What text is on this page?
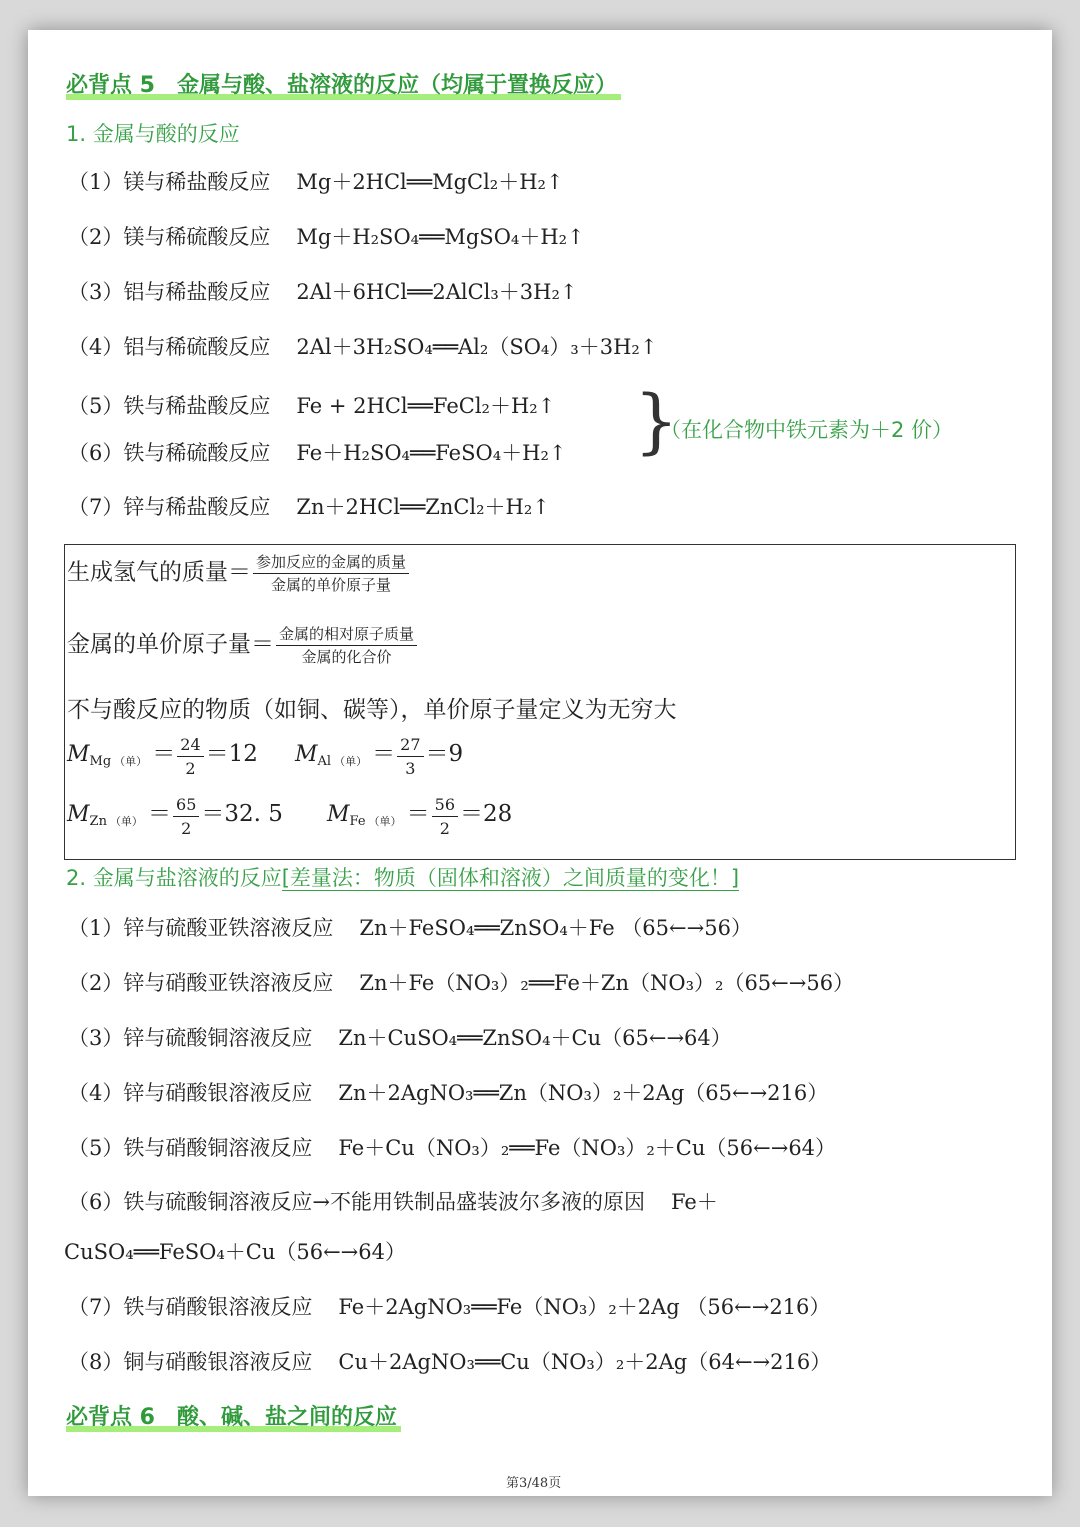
必背点 5　金属与酸、盐溶液的反应（均属于置换反应）
1. 金属与酸的反应
（1）镁与稀盐酸反应 Mg＋2HCl══MgCl₂＋H₂↑
（2）镁与稀硫酸反应 Mg＋H₂SO₄══MgSO₄＋H₂↑
（3）铝与稀盐酸反应 2Al＋6HCl══2AlCl₃＋3H₂↑
（4）铝与稀硫酸反应 2Al＋3H₂SO₄══Al₂（SO₄）₃＋3H₂↑
（5）铁与稀盐酸反应 Fe + 2HCl══FeCl₂＋H₂↑
（6）铁与稀硫酸反应 Fe＋H₂SO₄══FeSO₄＋H₂↑ }
（在化合物中铁元素为＋2 价）
（7）锌与稀盐酸反应 Zn＋2HCl══ZnCl₂＋H₂↑
生成氢气的质量＝ $\frac{\text{参加反应的金属的质量}}{\text{金属的单价原子量}}$
金属的单价原子量＝ $\frac{\text{金属的相对原子质量}}{\text{金属的化合价}}$
不与酸反应的物质（如铜、碳等），单价原子量定义为无穷大
$M_{Mg}$ $_{(单)} = \frac{24}{2} =12$ $M_{Al}$ $_{(单)} = \frac{27}{3} =9$
$M_{Zn}$ $_{(单)} = \frac{65}{2} =32$. 5 $M_{Fe}$ $_{(单)} = \frac{56}{2} =28$
2. 金属与盐溶液的反应[差量法：物质（固体和溶液）之间质量的变化！]
（1）锌与硫酸亚铁溶液反应 Zn＋FeSO₄══ZnSO₄＋Fe （65←→56）
（2）锌与硝酸亚铁溶液反应 Zn＋Fe（NO₃）₂══Fe＋Zn（NO₃）₂（65←→56）
（3）锌与硫酸铜溶液反应 Zn＋CuSO₄══ZnSO₄＋Cu（65←→64）
（4）锌与硝酸银溶液反应 Zn＋2AgNO₃══Zn（NO₃）₂＋2Ag（65←→216）
（5）铁与硝酸铜溶液反应 Fe＋Cu（NO₃）₂══Fe（NO₃）₂＋Cu（56←→64）
（6）铁与硫酸铜溶液反应→不能用铁制品盛装波尔多液的原因 Fe＋
CuSO₄══FeSO₄＋Cu（56←→64）
（7）铁与硝酸银溶液反应 Fe＋2AgNO₃══Fe（NO₃）₂＋2Ag （56←→216）
（8）铜与硝酸银溶液反应 Cu＋2AgNO₃══Cu（NO₃）₂＋2Ag（64←→216）
必背点 6　酸、碱、盐之间的反应
第3/48页
